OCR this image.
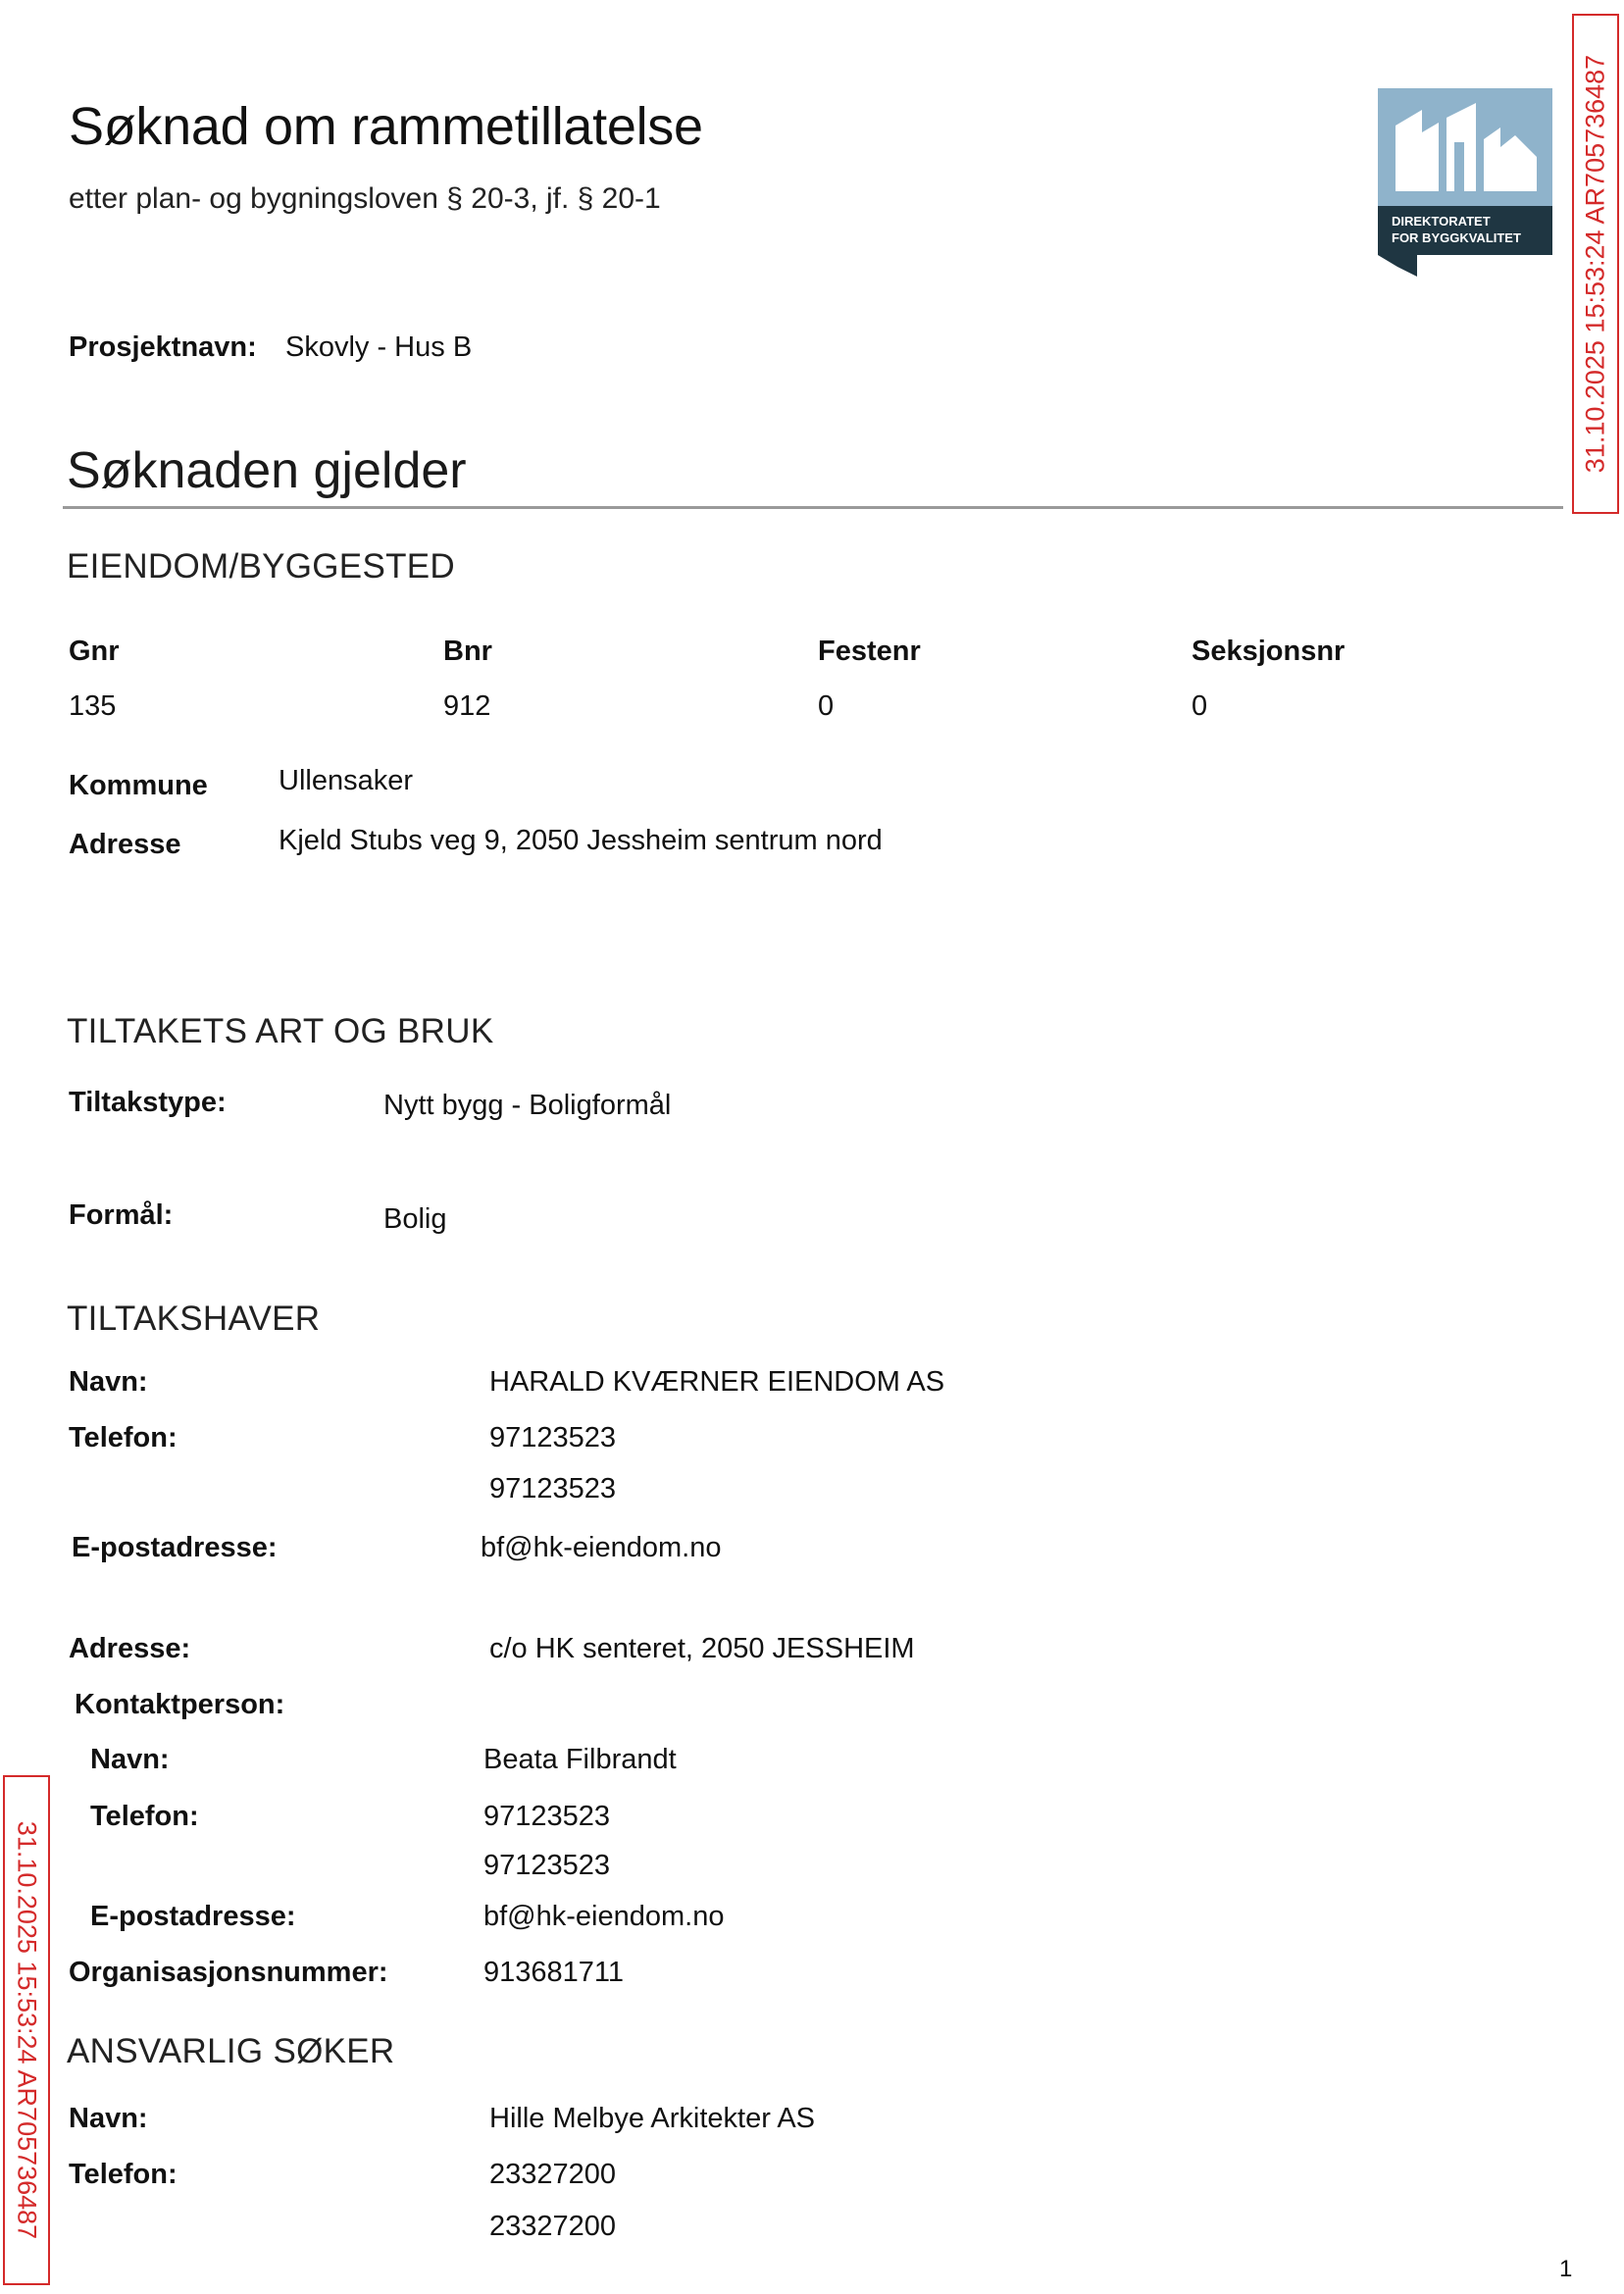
Søknad om rammetillatelse
etter plan- og bygningsloven § 20-3, jf. § 20-1
DIREKTORATET
FOR BYGGKVALITET
Prosjektnavn: Skovly - Hus B
Søknaden gjelder
EIENDOM/BYGGESTED
Gnr	Bnr	Festenr	Seksjonsnr
135	912	0	0
Kommune Ullensaker
Adresse	Kjeld Stubs veg 9, 2050 Jessheim sentrum nord
TILTAKETS ART OG BRUK
Tiltakstype:	Nytt bygg - Boligformål
Formål:	Bolig
TILTAKSHAVER
Navn:	HARALD KVÆRNER EIENDOM AS
Telefon:	97123523
97123523
E-postadresse:	bf@hk-eiendom.no
Adresse:	c/o HK senteret, 2050 JESSHEIM
Kontaktperson:
Navn:	Beata Filbrandt
Telefon:	97123523
97123523
E-postadresse:	bf@hk-eiendom.no
Organisasjonsnummer:	913681711
ANSVARLIG SØKER
Navn:	Hille Melbye Arkitekter AS
Telefon:	23327200
23327200
31.10.2025 15:53:24 AR705736487
31.10.2025 15:53:24 AR705736487
1
